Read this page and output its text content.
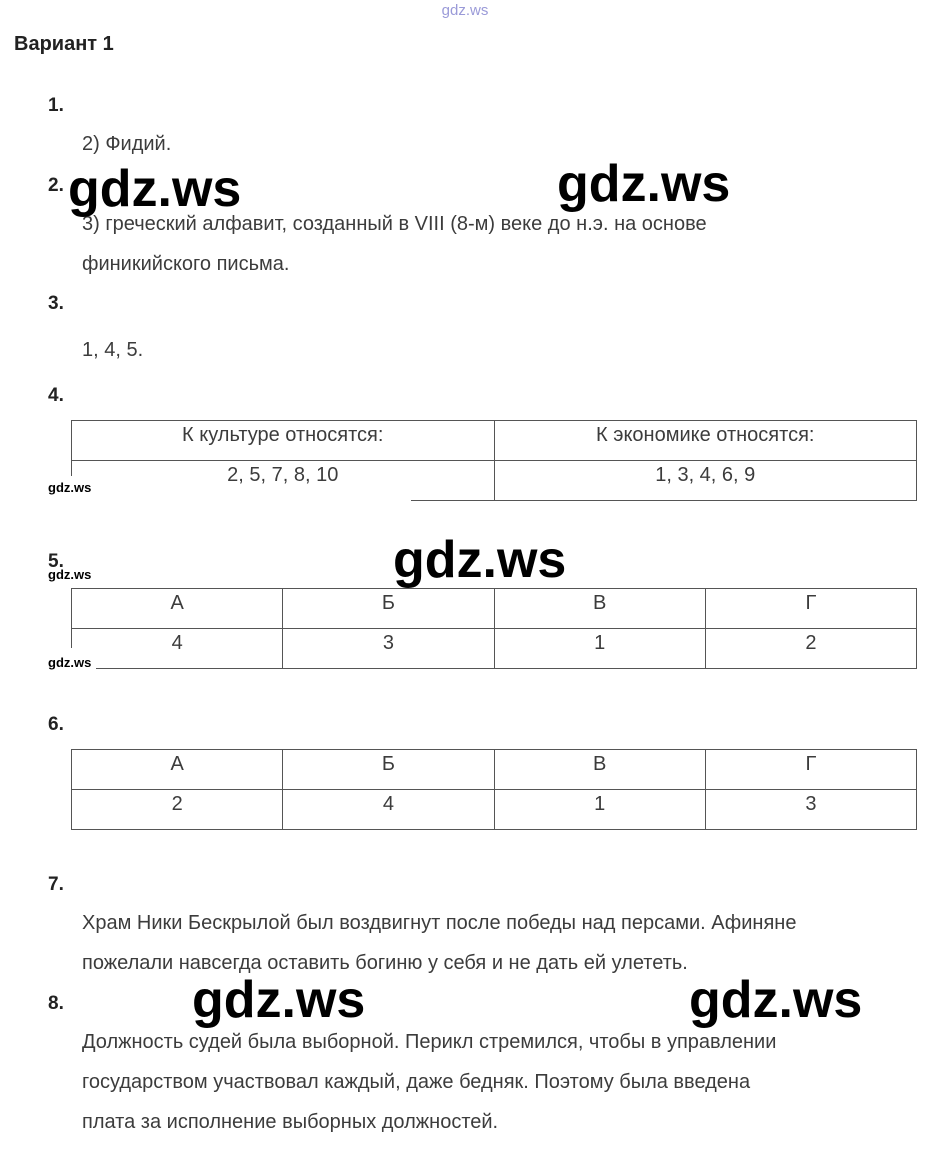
gdz.ws
Вариант 1
1.
2) Фидий.
2.
3) греческий алфавит, созданный в VIII (8-м) веке до н.э. на основе
финикийского письма.
3.
1, 4, 5.
4.
К культуре относятся:	К экономике относятся:
2, 5, 7, 8, 10	1, 3, 4, 6, 9
5.
А	Б	В	Г
4	3	1	2
6.
А	Б	В	Г
2	4	1	3
7.
Храм Ники Бескрылой был воздвигнут после победы над персами. Афиняне
пожелали навсегда оставить богиню у себя и не дать ей улететь.
8.
Должность судей была выборной. Перикл стремился, чтобы в управлении
государством участвовал каждый, даже бедняк. Поэтому была введена
плата за исполнение выборных должностей.
gdz.ws	gdz.ws
gdz.ws
gdz.ws	gdz.ws
gdz.ws
gdz.ws
gdz.ws
